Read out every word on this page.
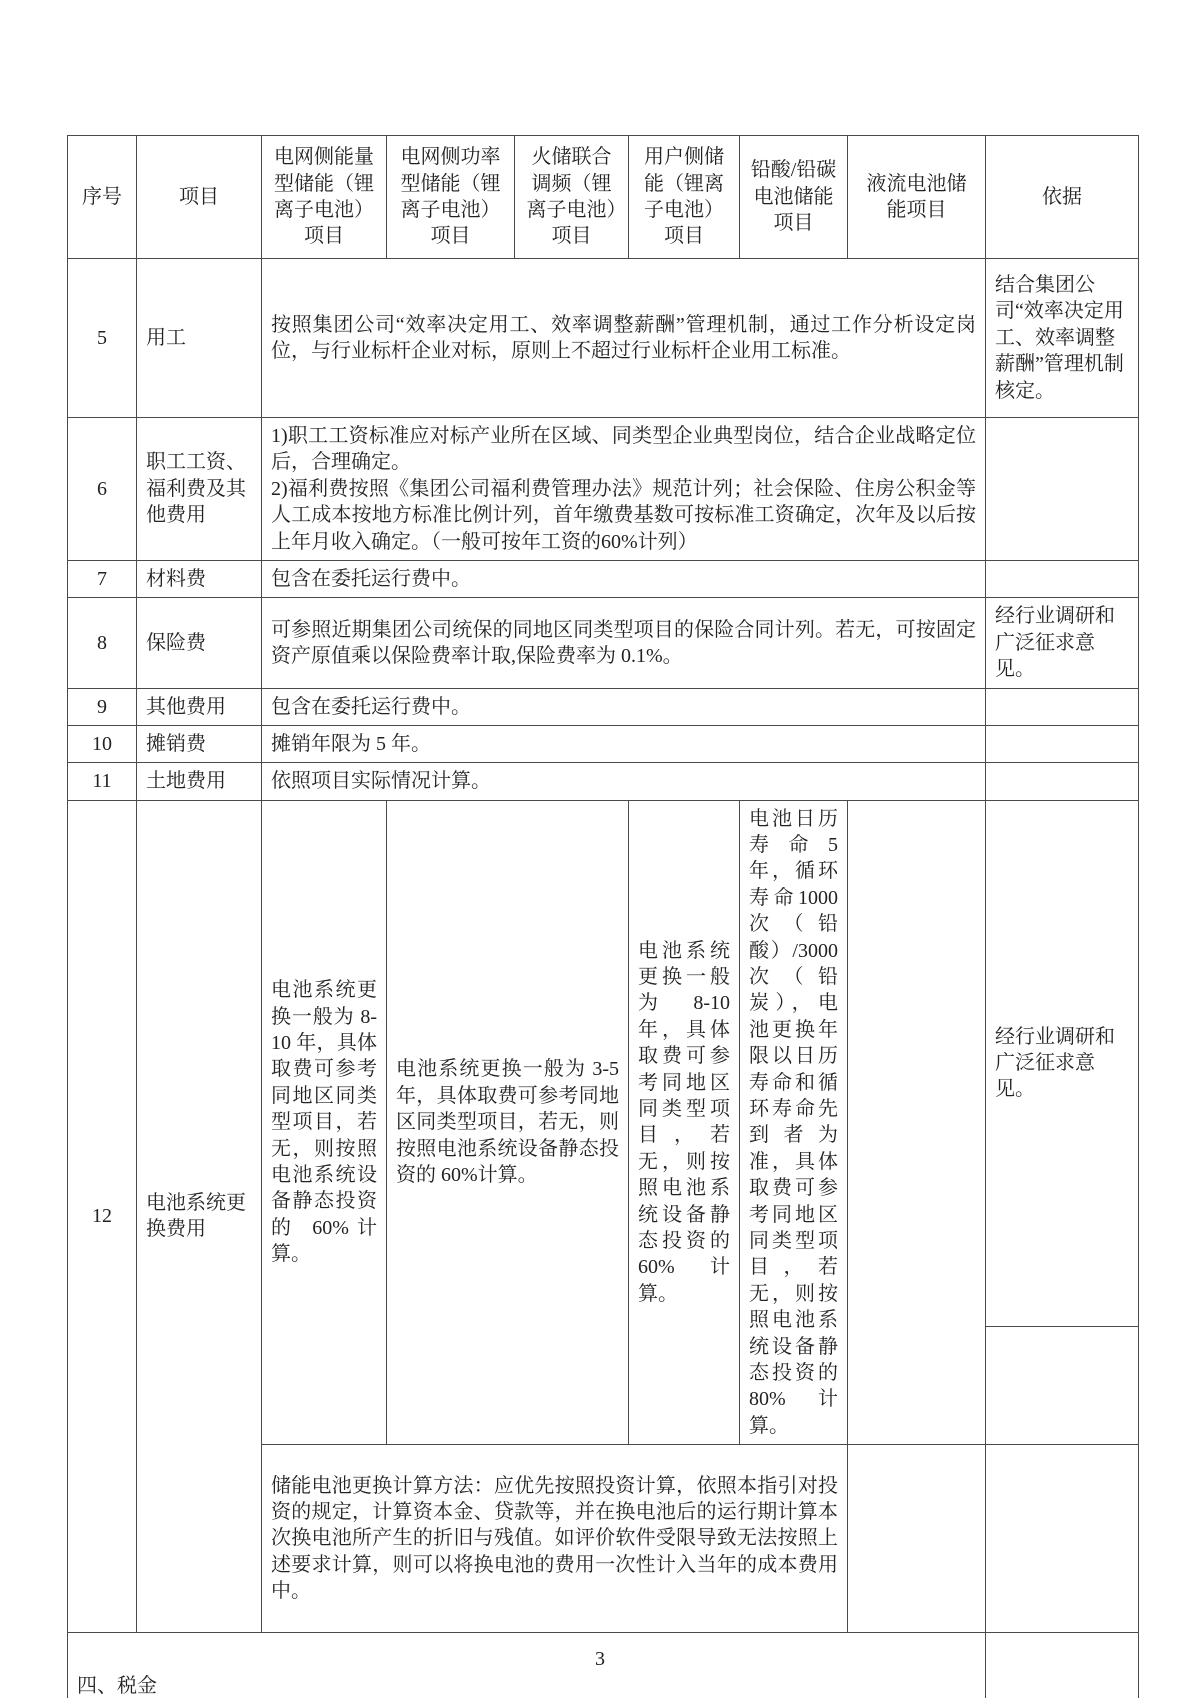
序号	项目	电网侧能量型储能（锂离子电池）项目	电网侧功率型储能（锂离子电池）项目	火储联合调频（锂离子电池）项目	用户侧储能（锂离子电池）项目	铅酸/铅碳电池储能项目	液流电池储能项目	依据
5	用工	按照集团公司“效率决定用工、效率调整薪酬”管理机制，通过工作分析设定岗位，与行业标杆企业对标，原则上不超过行业标杆企业用工标准。						结合集团公司“效率决定用工、效率调整薪酬”管理机制核定。
6	职工工资、福利费及其他费用	1)职工工资标准应对标产业所在区域、同类型企业典型岗位，结合企业战略定位后，合理确定。
2)福利费按照《集团公司福利费管理办法》规范计列；社会保险、住房公积金等人工成本按地方标准比例计列，首年缴费基数可按标准工资确定，次年及以后按上年月收入确定。（一般可按年工资的60%计列）						

7	材料费	包含在委托运行费中。						
8	保险费	可参照近期集团公司统保的同地区同类型项目的保险合同计列。若无，可按固定资产原值乘以保险费率计取,保险费率为 0.1%。						经行业调研和广泛征求意见。
9	其他费用	包含在委托运行费中。						
10	摊销费	摊销年限为 5 年。						
11	土地费用	依照项目实际情况计算。						
12	电池系统更换费用	电池系统更换一般为 8-10 年，具体取费可参考同地区同类型项目，若无，则按照电池系统设备静态投资的 60%计算。	电池系统更换一般为 3-5 年，具体取费可参考同地区同类型项目，若无，则按照电池系统设备静态投资的 60%计算。		电池系统更换一般为 8-10 年，具体取费可参考同地区同类型项目，若无，则按照电池系统设备静态投资的 60%计算。	电池日历寿命5年，循环寿命1000次（铅酸）/3000次（铅炭），电池更换年限以日历寿命和循环寿命先到者为准，具体取费可参考同地区同类型项目，若无，则按照电池系统设备静态投资的 80%计算。		经行业调研和广泛征求意见。

		储能电池更换计算方法：应优先按照投资计算，依照本指引对投资的规定，计算资本金、贷款等，并在换电池后的运行期计算本次换电池所产生的折旧与残值。如评价软件受限导致无法按照上述要求计算，则可以将换电池的费用一次性计入当年的成本费用中。						
四、税金								
3
